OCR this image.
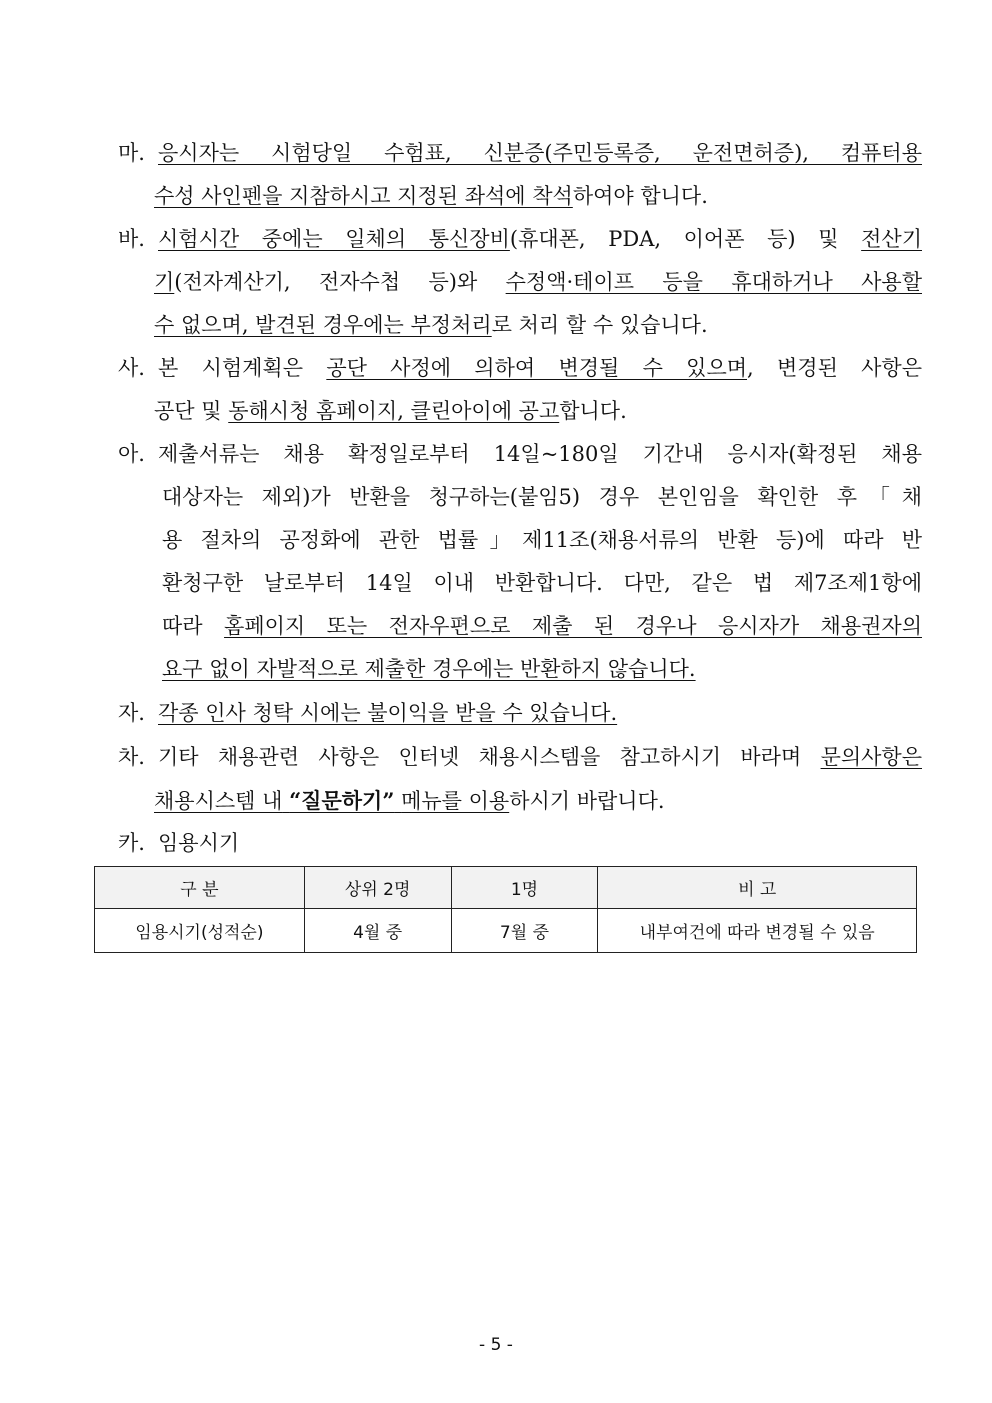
마. 응시자는 시험당일 수험표, 신분증(주민등록증, 운전면허증), 컴퓨터용
수성 사인펜을 지참하시고 지정된 좌석에 착석하여야 합니다.
바. 시험시간 중에는 일체의 통신장비(휴대폰, PDA, 이어폰 등) 및 전산기
기(전자계산기, 전자수첩 등)와 수정액·테이프 등을 휴대하거나 사용할
수 없으며, 발견된 경우에는 부정처리로 처리 할 수 있습니다.
사. 본 시험계획은 공단 사정에 의하여 변경될 수 있으며, 변경된 사항은
공단 및 동해시청 홈페이지, 클린아이에 공고합니다.
아. 제출서류는 채용 확정일로부터 14일~180일 기간내 응시자(확정된 채용
대상자는 제외)가 반환을 청구하는(붙임5) 경우 본인임을 확인한 후「채
용 절차의 공정화에 관한 법률」제11조(채용서류의 반환 등)에 따라 반
환청구한 날로부터 14일 이내 반환합니다. 다만, 같은 법 제7조제1항에
따라 홈페이지 또는 전자우편으로 제출 된 경우나 응시자가 채용권자의
요구 없이 자발적으로 제출한 경우에는 반환하지 않습니다.
자. 각종 인사 청탁 시에는 불이익을 받을 수 있습니다.
차. 기타 채용관련 사항은 인터넷 채용시스템을 참고하시기 바라며 문의사항은
채용시스템 내 “질문하기” 메뉴를 이용하시기 바랍니다.
카. 임용시기
구 분	상위 2명	1명	비 고
임용시기(성적순)	4월 중	7월 중	내부여건에 따라 변경될 수 있음
- 5 -
